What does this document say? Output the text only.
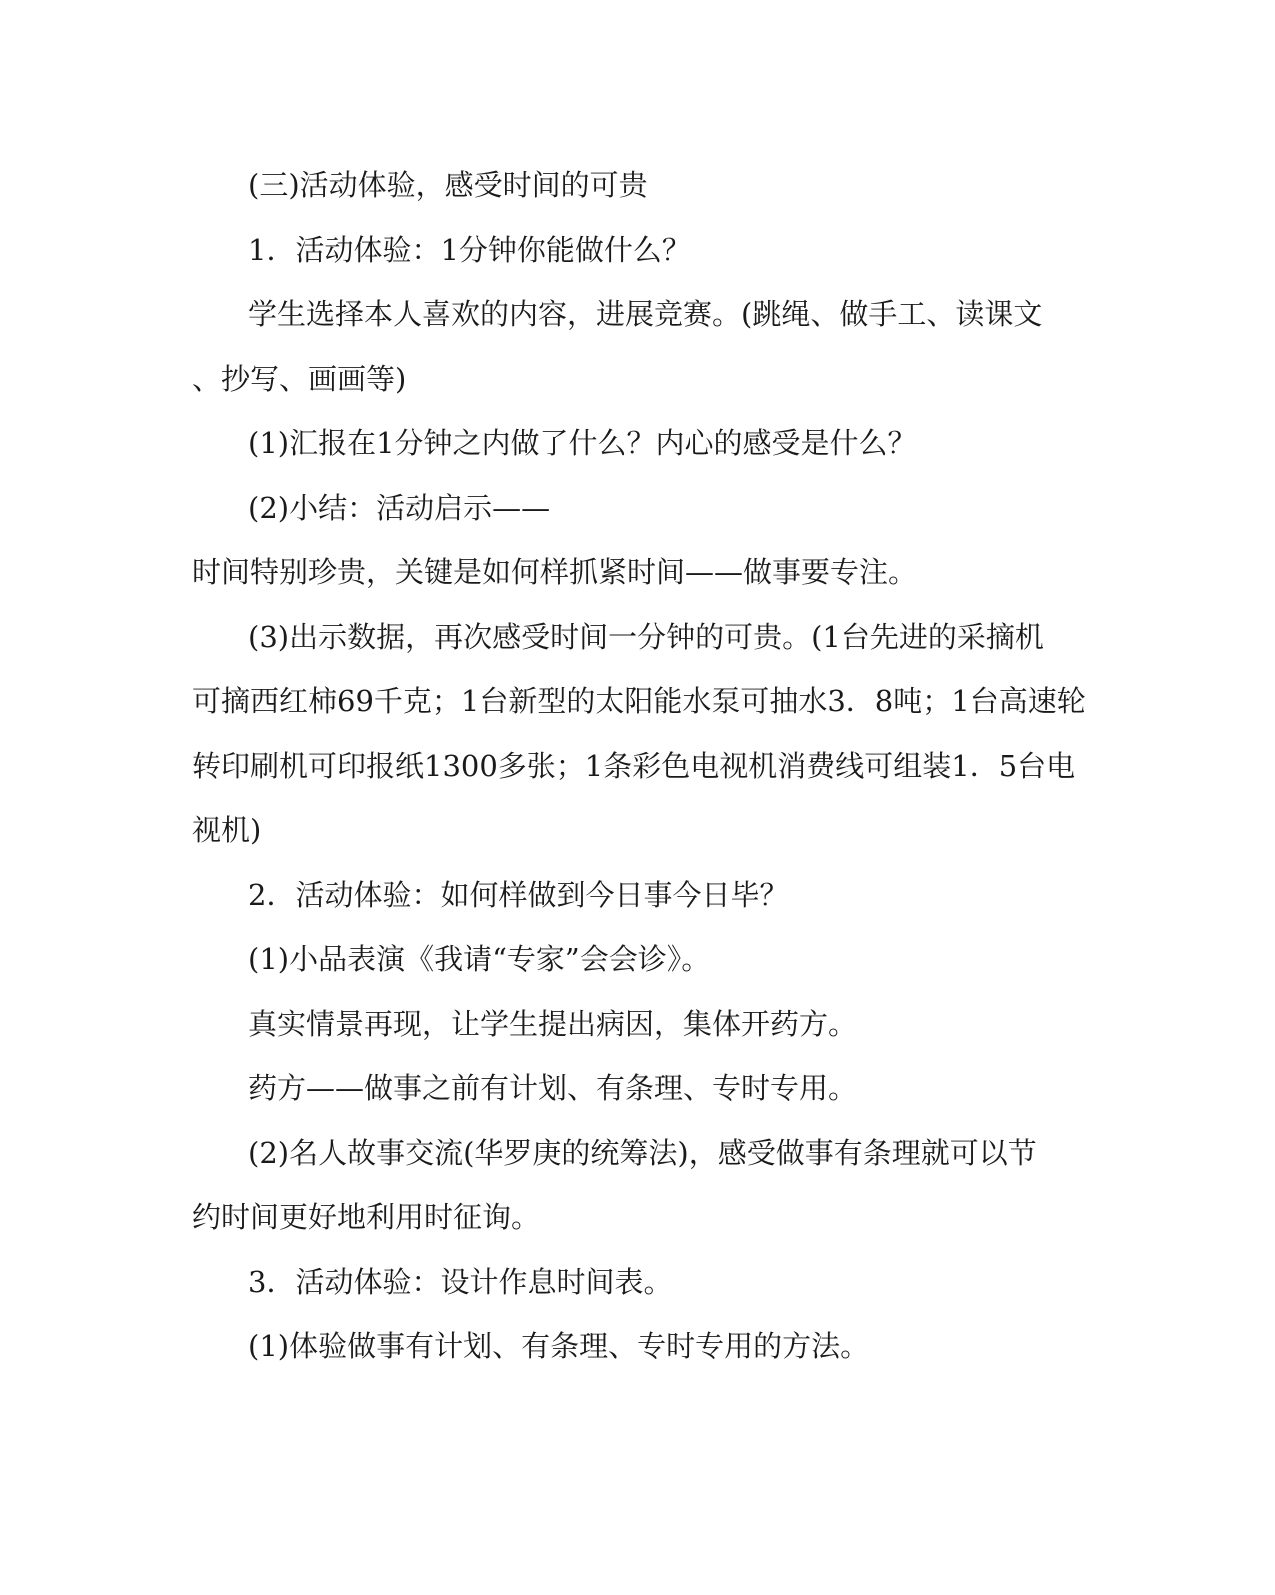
(三)活动体验，感受时间的可贵
1．活动体验：1分钟你能做什么？
学生选择本人喜欢的内容，进展竞赛。(跳绳、做手工、读课文
、抄写、画画等)
(1)汇报在1分钟之内做了什么？内心的感受是什么？
(2)小结：活动启示——
时间特别珍贵，关键是如何样抓紧时间——做事要专注。
(3)出示数据，再次感受时间一分钟的可贵。(1台先进的采摘机
可摘西红柿69千克；1台新型的太阳能水泵可抽水3．8吨；1台高速轮
转印刷机可印报纸1300多张；1条彩色电视机消费线可组装1．5台电
视机)
2．活动体验：如何样做到今日事今日毕？
(1)小品表演《我请“专家”会会诊》。
真实情景再现，让学生提出病因，集体开药方。
药方——做事之前有计划、有条理、专时专用。
(2)名人故事交流(华罗庚的统筹法)，感受做事有条理就可以节
约时间更好地利用时征询。
3．活动体验：设计作息时间表。
(1)体验做事有计划、有条理、专时专用的方法。
